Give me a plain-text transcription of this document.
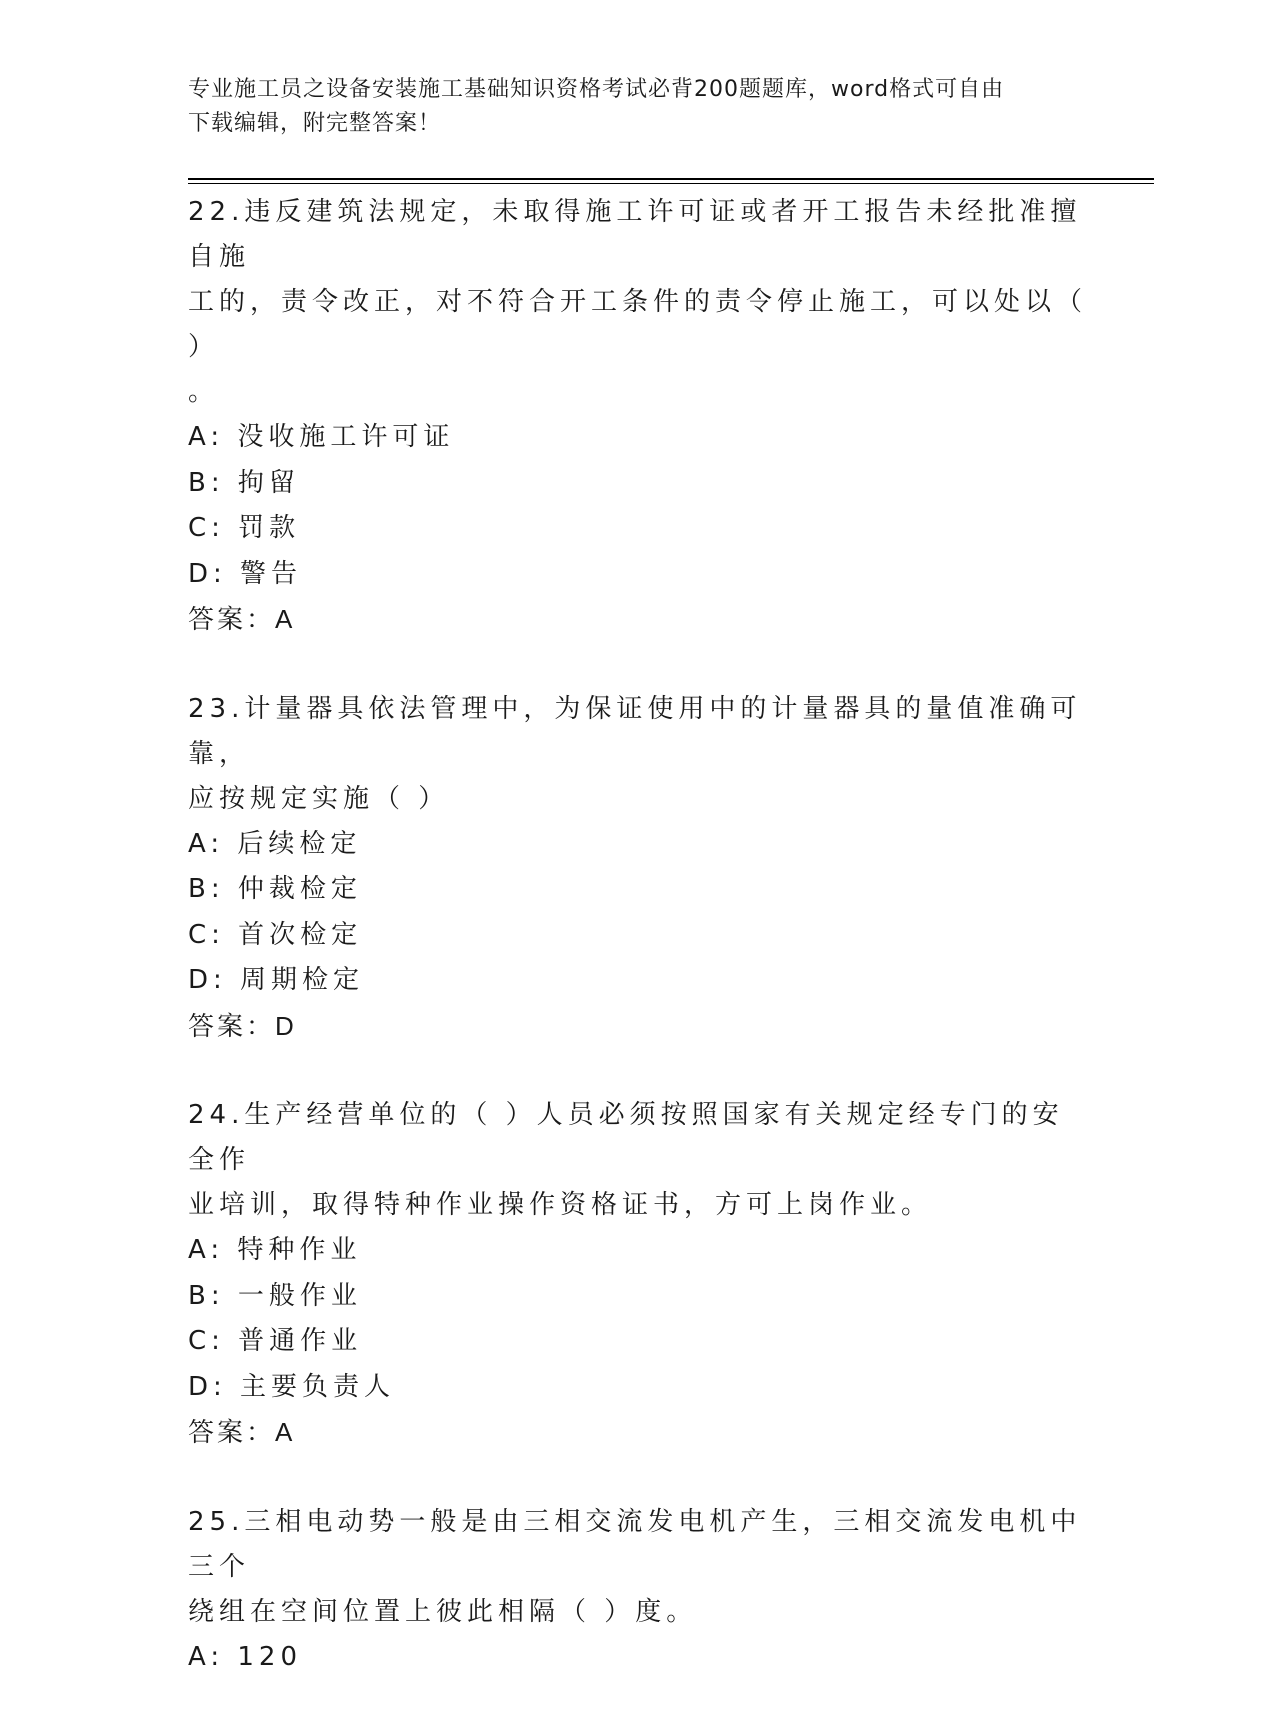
专业施工员之设备安装施工基础知识资格考试必背200题题库，word格式可自由
下载编辑，附完整答案！

22.违反建筑法规定，未取得施工许可证或者开工报告未经批准擅自施

工的，责令改正，对不符合开工条件的责令停止施工，可以处以（ ）

。

A: 没收施工许可证

B: 拘留

C: 罚款

D: 警告

答案：A

23.计量器具依法管理中，为保证使用中的计量器具的量值准确可靠，

应按规定实施（ ）

A: 后续检定

B: 仲裁检定

C: 首次检定

D: 周期检定

答案：D

24.生产经营单位的（ ）人员必须按照国家有关规定经专门的安全作

业培训，取得特种作业操作资格证书，方可上岗作业。

A: 特种作业

B: 一般作业

C: 普通作业

D: 主要负责人

答案：A

25.三相电动势一般是由三相交流发电机产生，三相交流发电机中三个

绕组在空间位置上彼此相隔（ ）度。

A: 120
